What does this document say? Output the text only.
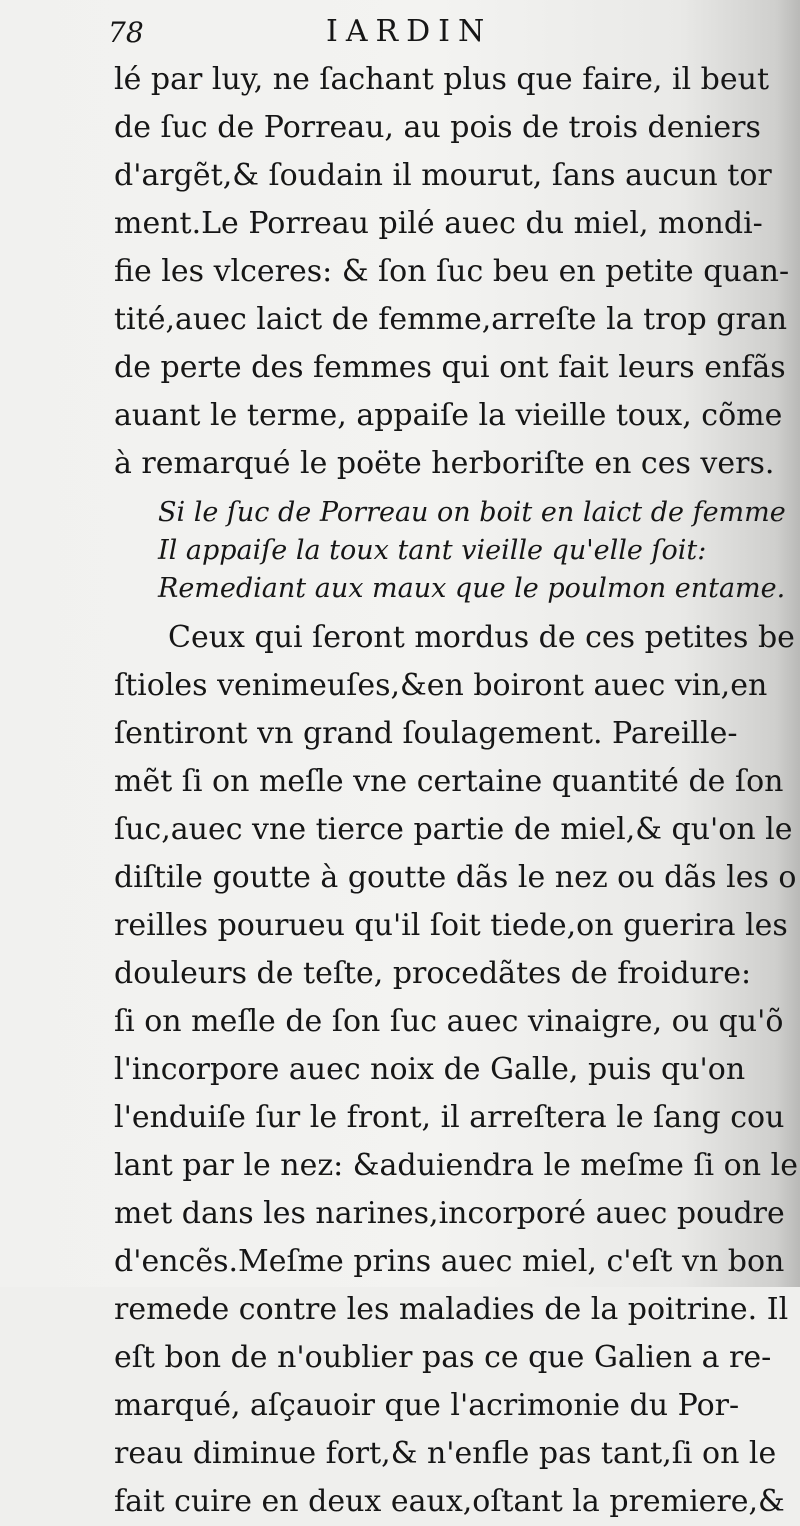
78	IARDIN
lé par luy, ne ſachant plus que faire, il beut
de ſuc de Porreau, au pois de trois deniers
d'argẽt,& ſoudain il mourut, ſans aucun tor
ment.Le Porreau pilé auec du miel, mondi-
fie les vlceres: & ſon ſuc beu en petite quan-
tité,auec laict de femme,arreſte la trop gran
de perte des femmes qui ont fait leurs enfãs
auant le terme, appaiſe la vieille toux, cõme
à remarqué le poëte herboriſte en ces vers.
Si le ſuc de Porreau on boit en laict de femme
Il appaiſe la toux tant vieille qu'elle ſoit:
Remediant aux maux que le poulmon entame.
Ceux qui ſeront mordus de ces petites be
ſtioles venimeuſes,&en boiront auec vin,en
ſentiront vn grand ſoulagement. Pareille-
mẽt ſi on meſle vne certaine quantité de ſon
ſuc,auec vne tierce partie de miel,& qu'on le
diſtile goutte à goutte dãs le nez ou dãs les o
reilles pourueu qu'il ſoit tiede,on guerira les
douleurs de teſte, procedãtes de froidure:
ſi on meſle de ſon ſuc auec vinaigre, ou qu'õ
l'incorpore auec noix de Galle, puis qu'on
l'enduiſe ſur le front, il arreſtera le ſang cou
lant par le nez: &aduiendra le meſme ſi on le
met dans les narines,incorporé auec poudre
d'encẽs.Meſme prins auec miel, c'eſt vn bon
remede contre les maladies de la poitrine. Il
eſt bon de n'oublier pas ce que Galien a re-
marqué, aſçauoir que l'acrimonie du Por-
reau diminue fort,& n'enfle pas tant,ſi on le
fait cuire en deux eaux,oſtant la premiere,&
